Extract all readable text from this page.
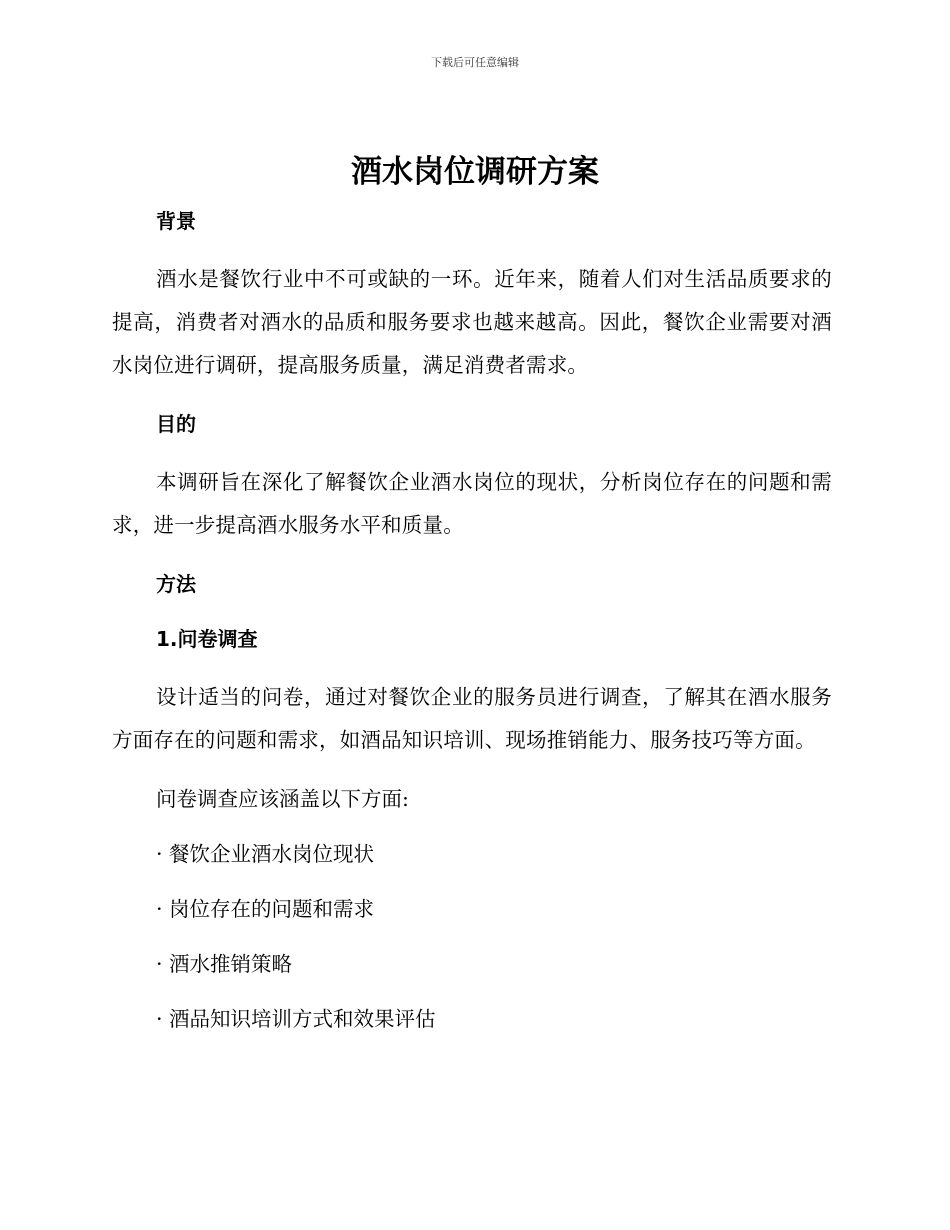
下载后可任意编辑
酒水岗位调研方案
背景

酒水是餐饮行业中不可或缺的一环。近年来，随着人们对生活品质要求的提高，消费者对酒水的品质和服务要求也越来越高。因此，餐饮企业需要对酒水岗位进行调研，提高服务质量，满足消费者需求。

目的

本调研旨在深化了解餐饮企业酒水岗位的现状，分析岗位存在的问题和需求，进一步提高酒水服务水平和质量。

方法
1.问卷调查

设计适当的问卷，通过对餐饮企业的服务员进行调查，了解其在酒水服务方面存在的问题和需求，如酒品知识培训、现场推销能力、服务技巧等方面。

问卷调查应该涵盖以下方面:

· 餐饮企业酒水岗位现状

· 岗位存在的问题和需求

· 酒水推销策略

· 酒品知识培训方式和效果评估
